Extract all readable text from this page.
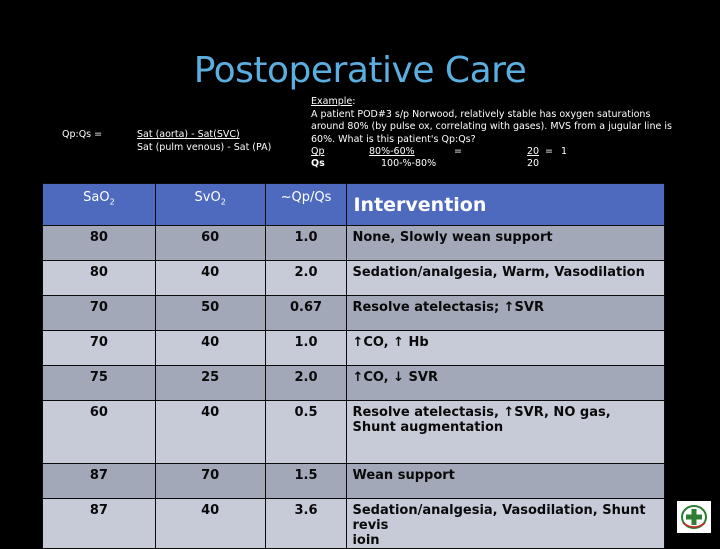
Postoperative Care
Qp:Qs =	Sat (aorta) - Sat(SVC)
Sat (pulm venous) - Sat (PA)
Example:
A patient POD#3 s/p Norwood, relatively stable has oxygen saturations around 80% (by pulse ox, correlating with gases). MVS from a jugular line is 60%. What is this patient's Qp:Qs?
Qp	80%-60%	=	20 = 1
Qs	100-%-80%	20
SaO$_2$	SvO$_2$	~Qp/Qs	Intervention
80	60	1.0	None, Slowly wean support
80	40	2.0	Sedation/analgesia, Warm, Vasodilation
70	50	0.67	Resolve atelectasis; ↑SVR
70	40	1.0	↑CO, ↑ Hb
75	25	2.0	↑CO, ↓ SVR
60	40	0.5	Resolve atelectasis, ↑SVR, NO gas,
Shunt augmentation

87	70	1.5	Wean support
87	40	3.6	Sedation/analgesia, Vasodilation, Shunt revis
ioin
